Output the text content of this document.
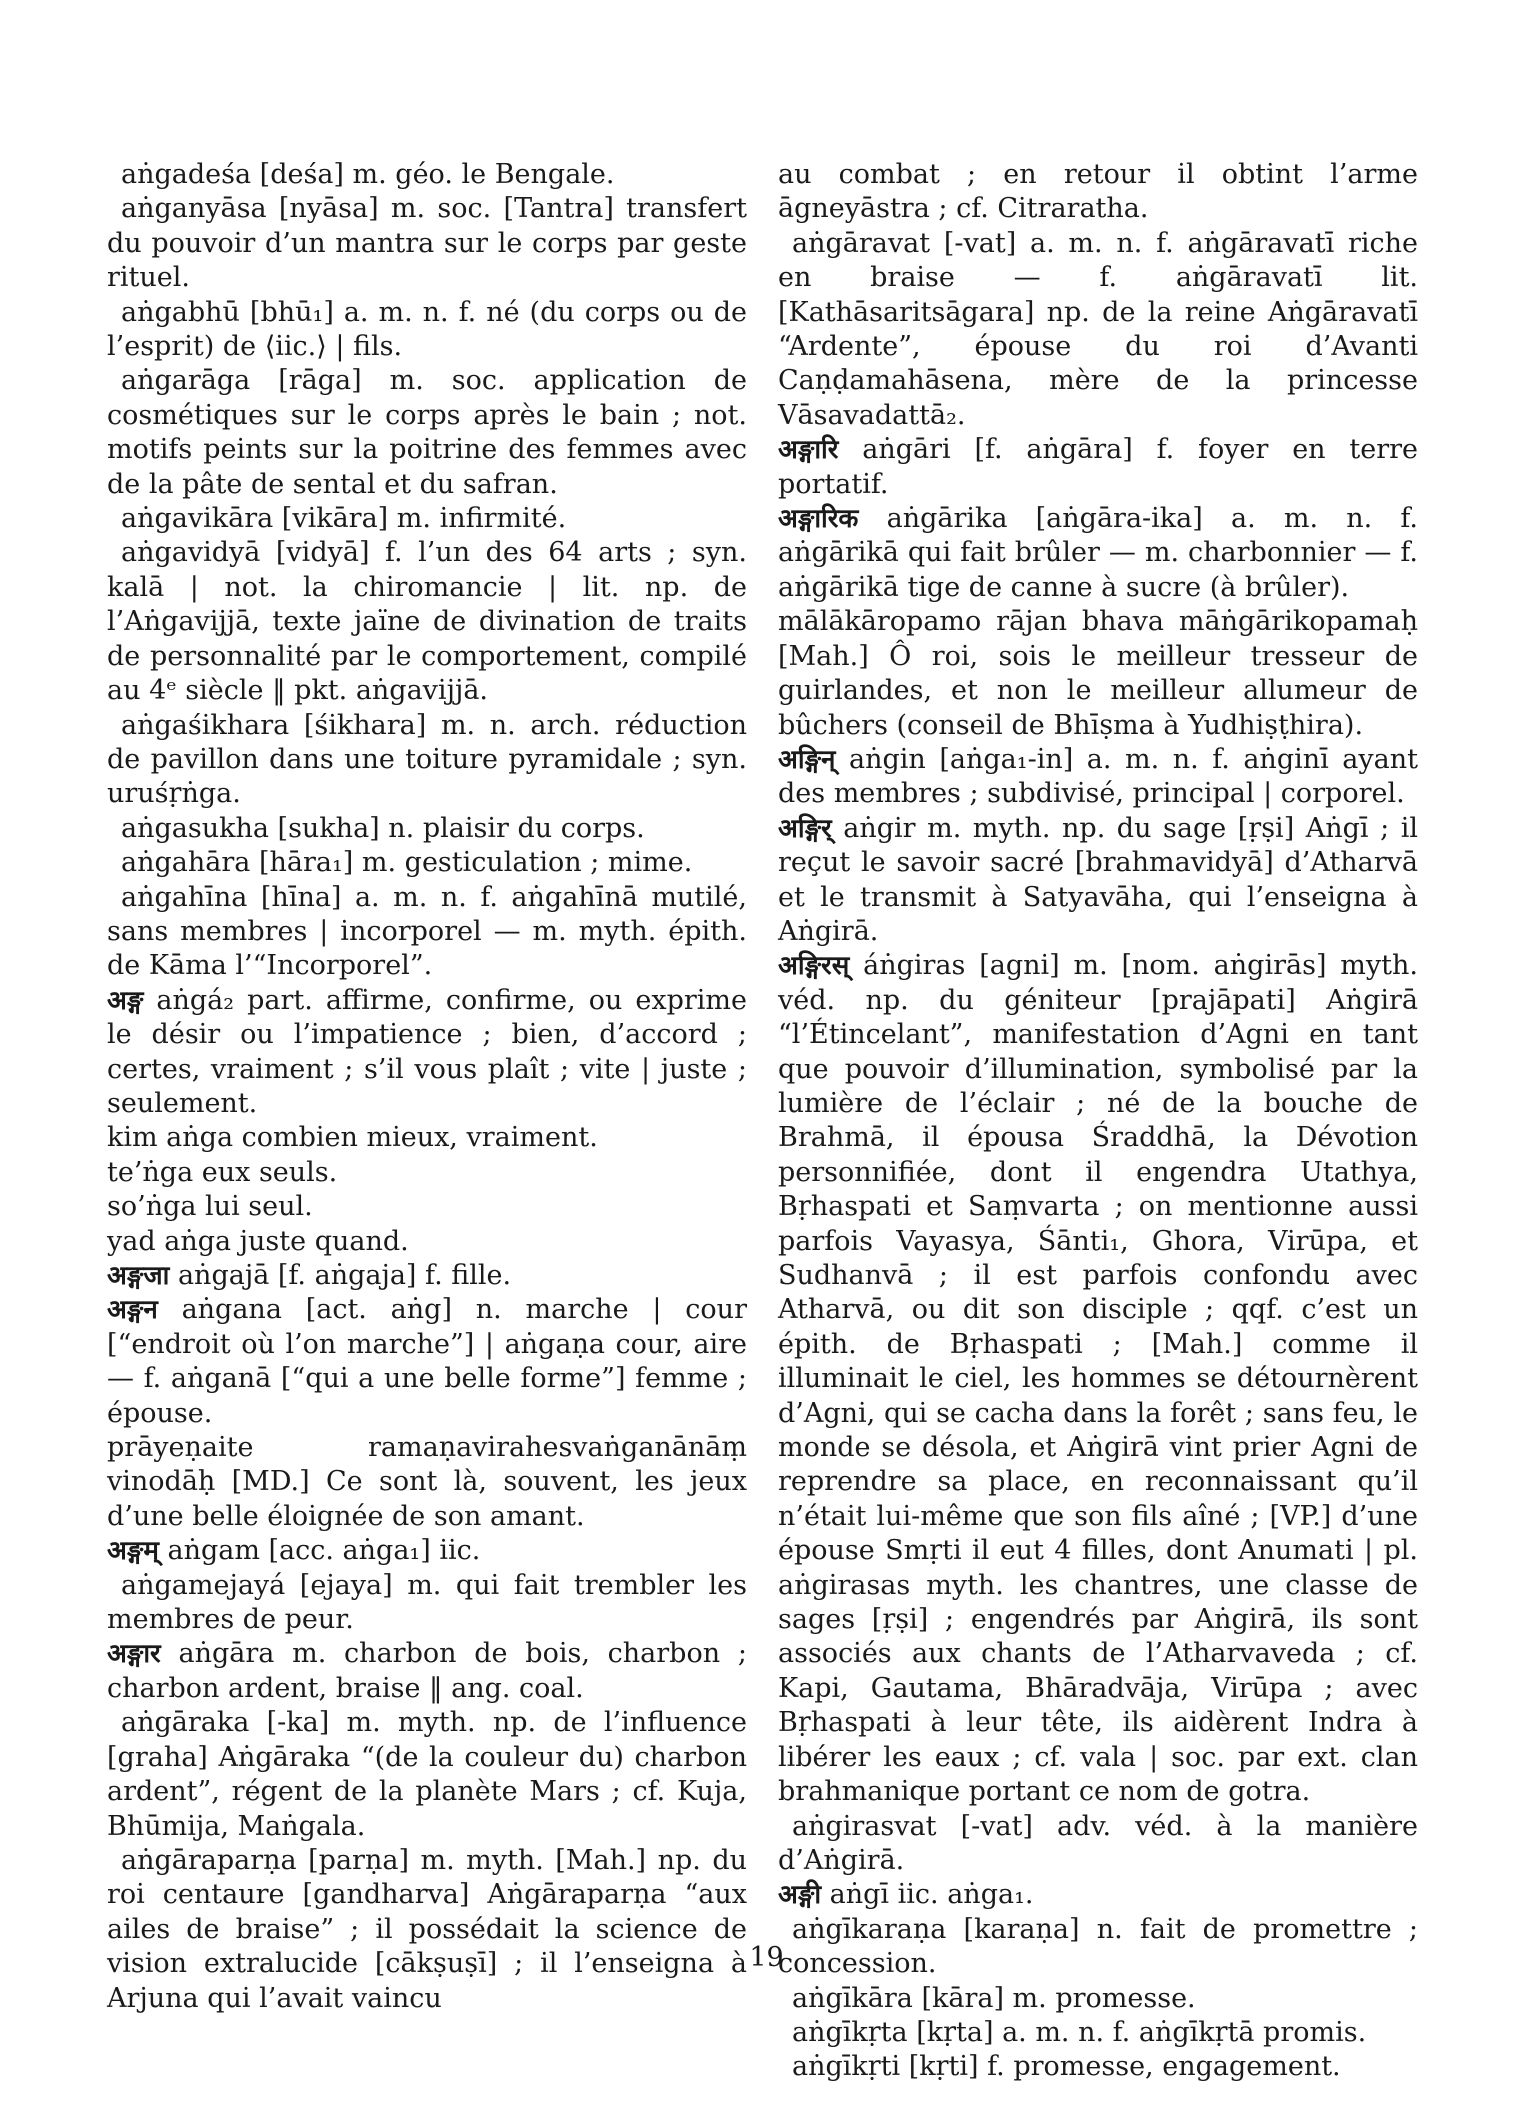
aṅgadeśa [deśa] m. géo. le Bengale.

aṅganyāsa [nyāsa] m. soc. [Tantra] transfert du pouvoir d’un mantra sur le corps par geste rituel.

aṅgabhū [bhū₁] a. m. n. f. né (du corps ou de l’esprit) de ⟨iic.⟩ | fils.

aṅgarāga [rāga] m. soc. application de cosmétiques sur le corps après le bain ; not. motifs peints sur la poitrine des femmes avec de la pâte de sental et du safran.

aṅgavikāra [vikāra] m. infirmité.

aṅgavidyā [vidyā] f. l’un des 64 arts ; syn. kalā | not. la chiromancie | lit. np. de l’Aṅgavijjā, texte jaïne de divination de traits de personnalité par le comportement, compilé au 4ᵉ siècle ‖ pkt. aṅgavijjā.

aṅgaśikhara [śikhara] m. n. arch. réduction de pavillon dans une toiture pyramidale ; syn. uruśṛṅga.

aṅgasukha [sukha] n. plaisir du corps.

aṅgahāra [hāra₁] m. gesticulation ; mime.

aṅgahīna [hīna] a. m. n. f. aṅgahīnā mutilé, sans membres | incorporel — m. myth. épith. de Kāma l’“Incorporel”.

अङ्ग aṅgá₂ part. affirme, confirme, ou exprime le désir ou l’impatience ; bien, d’accord ; certes, vraiment ; s’il vous plaît ; vite | juste ; seulement.

kim aṅga combien mieux, vraiment.

te’ṅga eux seuls.

so’ṅga lui seul.

yad aṅga juste quand.

अङ्गजा aṅgajā [f. aṅgaja] f. fille.

अङ्गन aṅgana [act. aṅg] n. marche | cour [“endroit où l’on marche”] | aṅgaṇa cour, aire — f. aṅganā [“qui a une belle forme”] femme ; épouse.

prāyeṇaite ramaṇavirahesvaṅganānāṃ vinodāḥ [MD.] Ce sont là, souvent, les jeux d’une belle éloignée de son amant.

अङ्गम् aṅgam [acc. aṅga₁] iic.

aṅgamejayá [ejaya] m. qui fait trembler les membres de peur.

अङ्गार aṅgāra m. charbon de bois, charbon ; charbon ardent, braise ‖ ang. coal.

aṅgāraka [-ka] m. myth. np. de l’influence [graha] Aṅgāraka “(de la couleur du) charbon ardent”, régent de la planète Mars ; cf. Kuja, Bhūmija, Maṅgala.

aṅgāraparṇa [parṇa] m. myth. [Mah.] np. du roi centaure [gandharva] Aṅgāraparṇa “aux ailes de braise” ; il possédait la science de vision extralucide [cākṣuṣī] ; il l’enseigna à Arjuna qui l’avait vaincu

au combat ; en retour il obtint l’arme āgneyāstra ; cf. Citraratha.

aṅgāravat [-vat] a. m. n. f. aṅgāravatī riche en braise — f. aṅgāravatī lit. [Kathāsaritsāgara] np. de la reine Aṅgāravatī “Ardente”, épouse du roi d’Avanti Caṇḍamahāsena, mère de la princesse Vāsavadattā₂.

अङ्गारि aṅgāri [f. aṅgāra] f. foyer en terre portatif.

अङ्गारिक aṅgārika [aṅgāra-ika] a. m. n. f. aṅgārikā qui fait brûler — m. charbonnier — f. aṅgārikā tige de canne à sucre (à brûler).

mālākāropamo rājan bhava māṅgārikopamaḥ [Mah.] Ô roi, sois le meilleur tresseur de guirlandes, et non le meilleur allumeur de bûchers (conseil de Bhīṣma à Yudhiṣṭhira).

अङ्गिन् aṅgin [aṅga₁-in] a. m. n. f. aṅginī ayant des membres ; subdivisé, principal | corporel.

अङ्गिर् aṅgir m. myth. np. du sage [ṛṣi] Aṅgī ; il reçut le savoir sacré [brahmavidyā] d’Atharvā et le transmit à Satyavāha, qui l’enseigna à Aṅgirā.

अङ्गिरस् áṅgiras [agni] m. [nom. aṅgirās] myth. véd. np. du géniteur [prajāpati] Aṅgirā “l’Étincelant”, manifestation d’Agni en tant que pouvoir d’illumination, symbolisé par la lumière de l’éclair ; né de la bouche de Brahmā, il épousa Śraddhā, la Dévotion personnifiée, dont il engendra Utathya, Bṛhaspati et Saṃvarta ; on mentionne aussi parfois Vayasya, Śānti₁, Ghora, Virūpa, et Sudhanvā ; il est parfois confondu avec Atharvā, ou dit son disciple ; qqf. c’est un épith. de Bṛhaspati ; [Mah.] comme il illuminait le ciel, les hommes se détournèrent d’Agni, qui se cacha dans la forêt ; sans feu, le monde se désola, et Aṅgirā vint prier Agni de reprendre sa place, en reconnaissant qu’il n’était lui-même que son fils aîné ; [VP.] d’une épouse Smṛti il eut 4 filles, dont Anumati | pl. aṅgirasas myth. les chantres, une classe de sages [ṛṣi] ; engendrés par Aṅgirā, ils sont associés aux chants de l’Atharvaveda ; cf. Kapi, Gautama, Bhāradvāja, Virūpa ; avec Bṛhaspati à leur tête, ils aidèrent Indra à libérer les eaux ; cf. vala | soc. par ext. clan brahmanique portant ce nom de gotra.

aṅgirasvat [-vat] adv. véd. à la manière d’Aṅgirā.

अङ्गी aṅgī iic. aṅga₁.

aṅgīkaraṇa [karaṇa] n. fait de promettre ; concession.

aṅgīkāra [kāra] m. promesse.

aṅgīkṛta [kṛta] a. m. n. f. aṅgīkṛtā promis.

aṅgīkṛti [kṛti] f. promesse, engagement.

19
